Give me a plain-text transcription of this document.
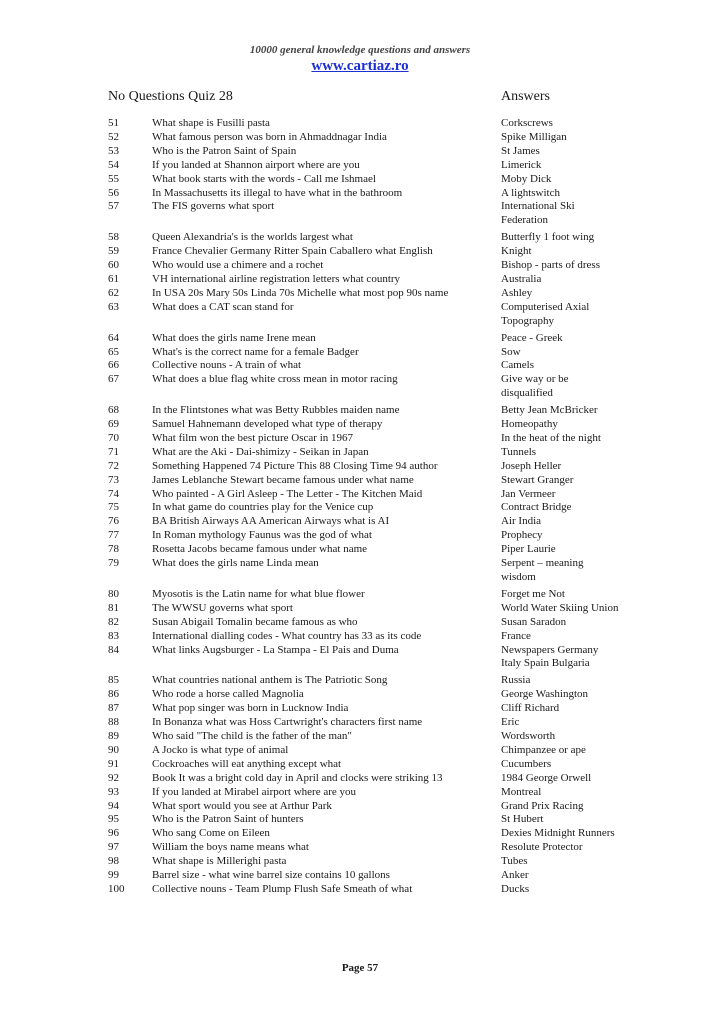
10000 general knowledge questions and answers
www.cartiaz.ro
No Questions Quiz 28	Answers
51	What shape is Fusilli pasta	Corkscrews
52	What famous person was born in Ahmaddnagar India	Spike Milligan
53	Who is the Patron Saint of Spain	St James
54	If you landed at Shannon airport where are you	Limerick
55	What book starts with the words - Call me Ishmael	Moby Dick
56	In Massachusetts its illegal to have what in the bathroom	A lightswitch
57	The FIS governs what sport	International Ski Federation
58	Queen Alexandria's is the worlds largest what	Butterfly 1 foot wing
59	France Chevalier Germany Ritter Spain Caballero what English	Knight
60	Who would use a chimere and a rochet	Bishop - parts of dress
61	VH international airline registration letters what country	Australia
62	In USA 20s Mary 50s Linda 70s Michelle what most pop 90s name	Ashley
63	What does a CAT scan stand for	Computerised Axial Topography
64	What does the girls name Irene mean	Peace - Greek
65	What's is the correct name for a female Badger	Sow
66	Collective nouns - A train of what	Camels
67	What does a blue flag white cross mean in motor racing	Give way or be disqualified
68	In the Flintstones what was Betty Rubbles maiden name	Betty Jean McBricker
69	Samuel Hahnemann developed what type of therapy	Homeopathy
70	What film won the best picture Oscar in 1967	In the heat of the night
71	What are the Aki - Dai-shimizy - Seikan in Japan	Tunnels
72	Something Happened 74 Picture This 88 Closing Time 94 author	Joseph Heller
73	James Leblanche Stewart became famous under what name	Stewart Granger
74	Who painted - A Girl Asleep - The Letter - The Kitchen Maid	Jan Vermeer
75	In what game do countries play for the Venice cup	Contract Bridge
76	BA British Airways AA American Airways what is AI	Air India
77	In Roman mythology Faunus was the god of what	Prophecy
78	Rosetta Jacobs became famous under what name	Piper Laurie
79	What does the girls name Linda mean	Serpent – meaning wisdom
80	Myosotis is the Latin name for what blue flower	Forget me Not
81	The WWSU governs what sport	World Water Skiing Union
82	Susan Abigail Tomalin became famous as who	Susan Saradon
83	International dialling codes - What country has 33 as its code	France
84	What links Augsburger - La Stampa - El Pais and Duma	Newspapers Germany Italy Spain Bulgaria
85	What countries national anthem is The Patriotic Song	Russia
86	Who rode a horse called Magnolia	George Washington
87	What pop singer was born in Lucknow India	Cliff Richard
88	In Bonanza what was Hoss Cartwright's characters first name	Eric
89	Who said "The child is the father of the man"	Wordsworth
90	A Jocko is what type of animal	Chimpanzee or ape
91	Cockroaches will eat anything except what	Cucumbers
92	Book It was a bright cold day in April and clocks were striking 13	1984 George Orwell
93	If you landed at Mirabel airport where are you	Montreal
94	What sport would you see at Arthur Park	Grand Prix Racing
95	Who is the Patron Saint of hunters	St Hubert
96	Who sang Come on Eileen	Dexies Midnight Runners
97	William the boys name means what	Resolute Protector
98	What shape is Millerighi pasta	Tubes
99	Barrel size - what wine barrel size contains 10 gallons	Anker
100	Collective nouns - Team Plump Flush Safe Smeath of what	Ducks
Page 57
